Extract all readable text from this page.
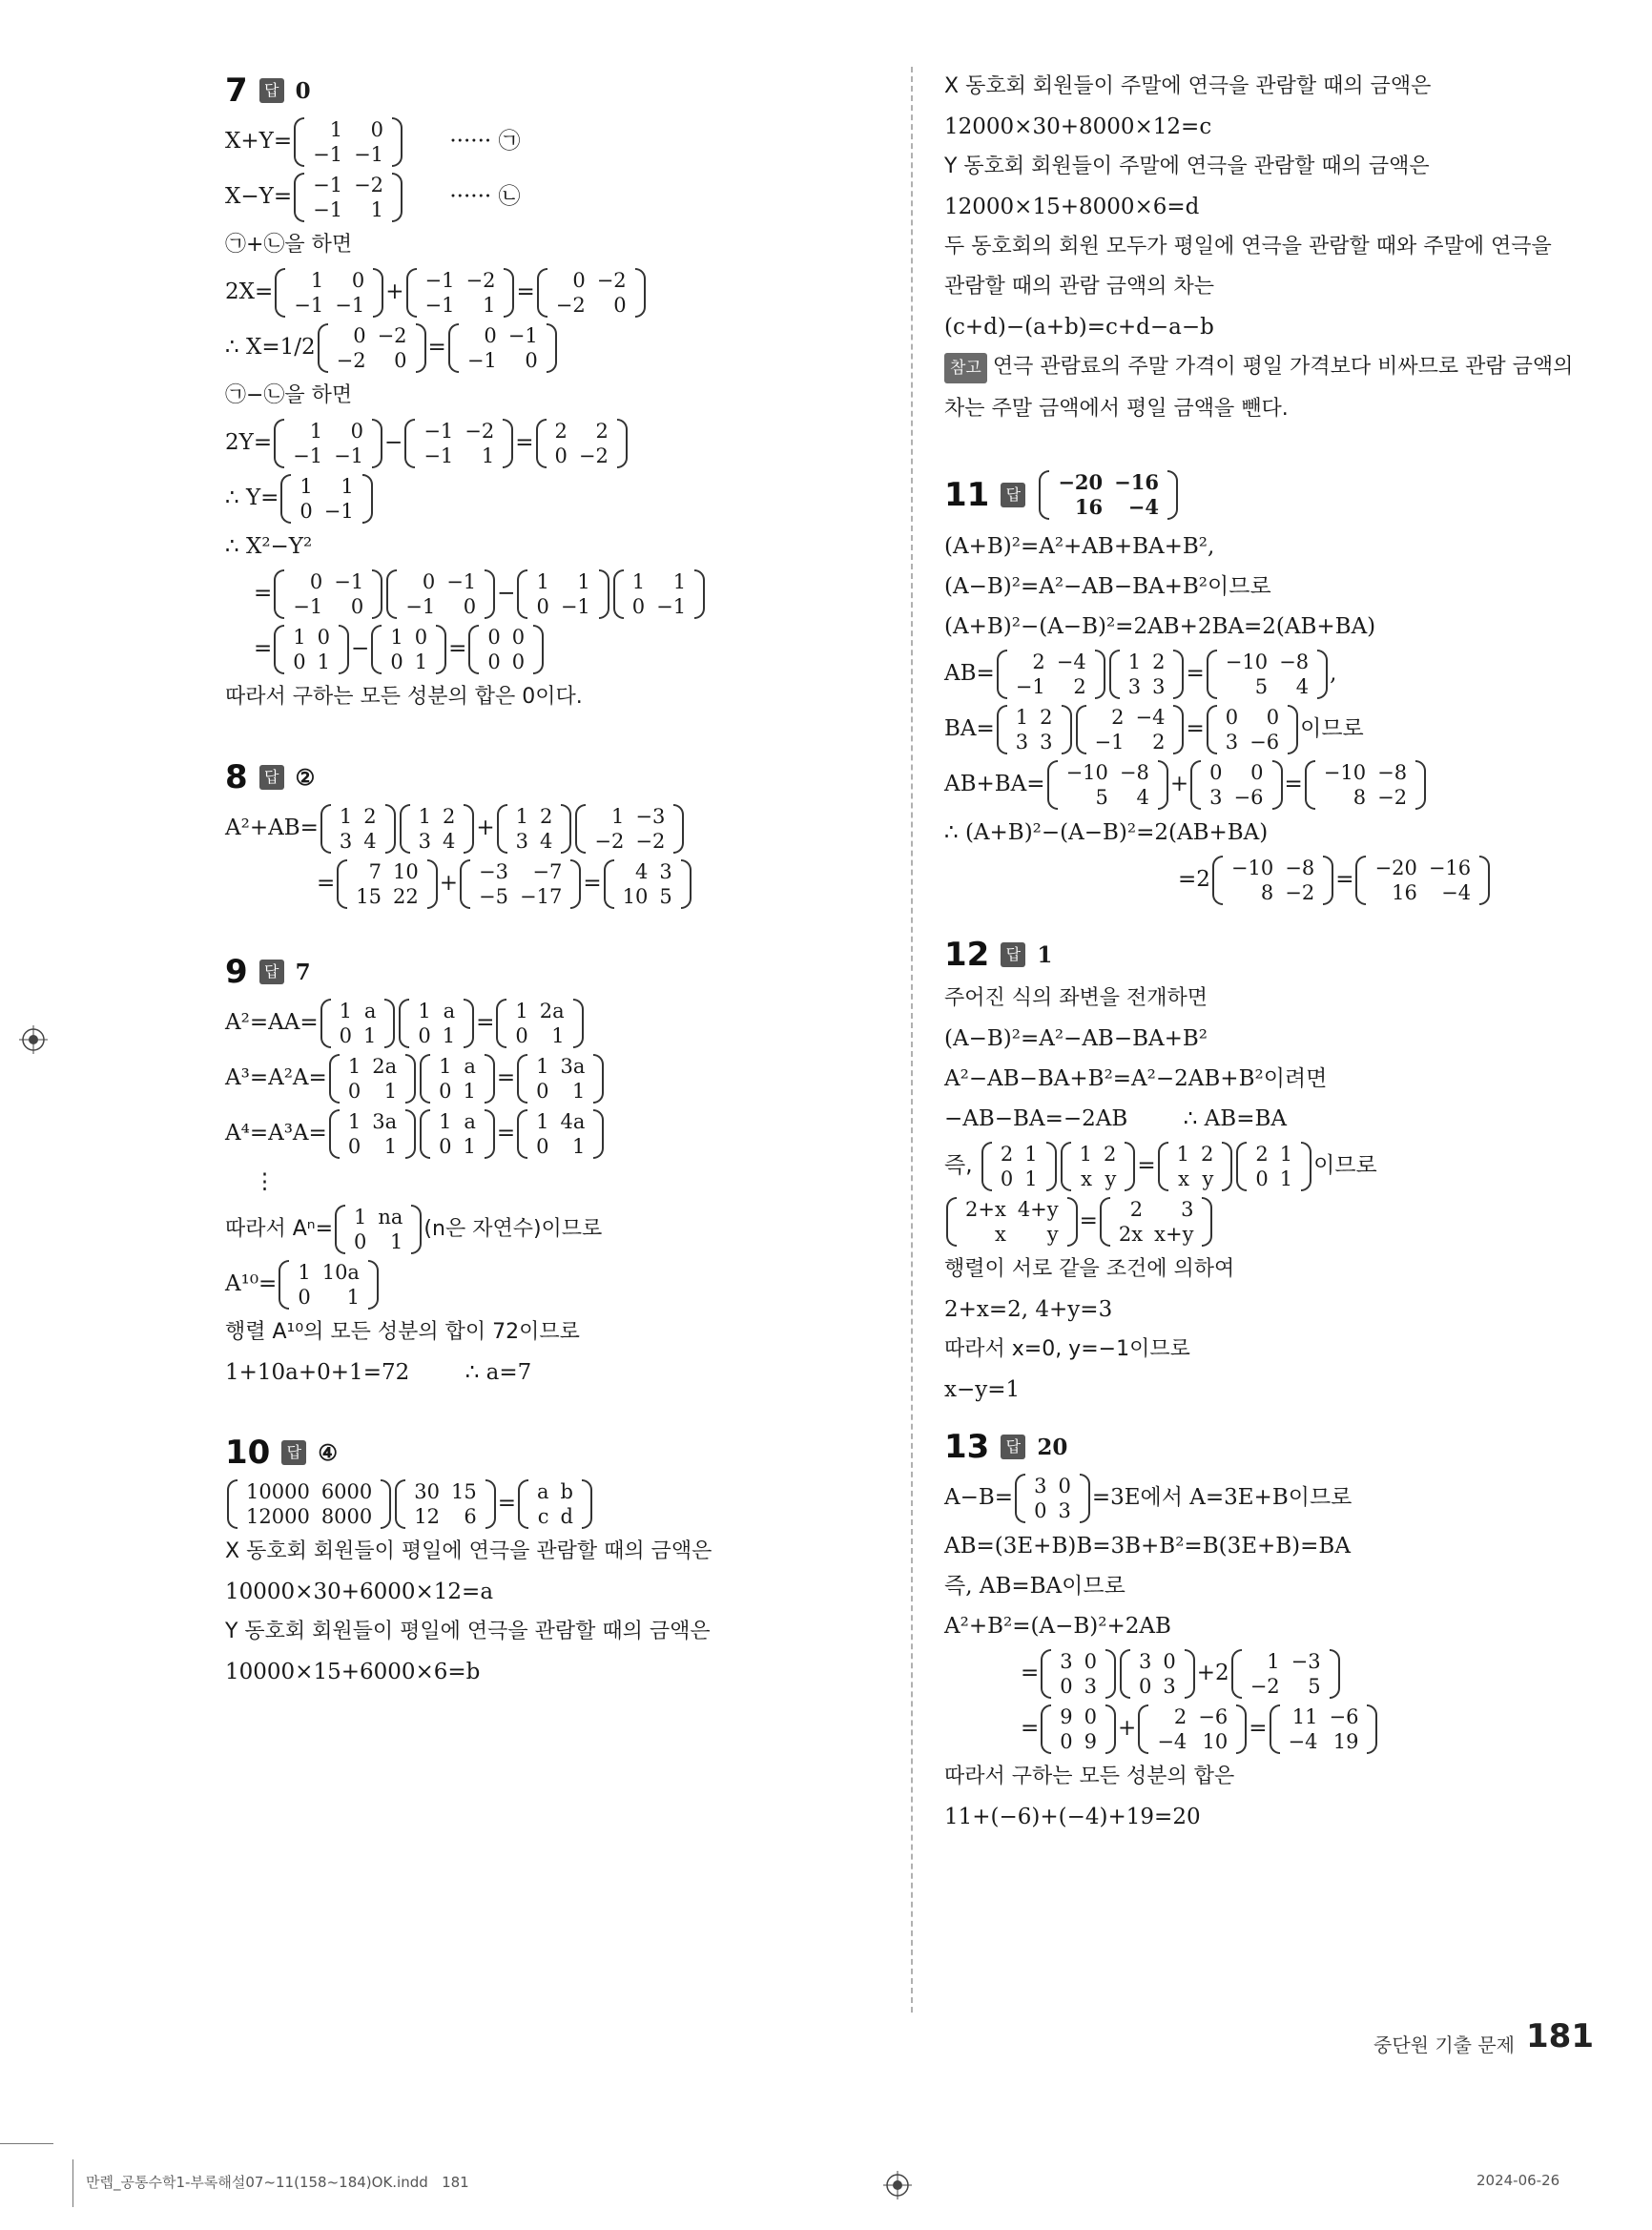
7	답 0
X+Y= 1	0
−1	−1
······ ㉠
X−Y= −1	−2
−1	1
······ ㉡
㉠+㉡을 하면
2X= 1	0
−1	−1
+ −1	−2
−1	1
= 0	−2
−2	0
∴ X=1/2 0	−2
−2	0
= 0	−1
−1	0
㉠−㉡을 하면
2Y= 1	0
−1	−1
− −1	−2
−1	1
= 2	2
0	−2
∴ Y= 1	1
0	−1
∴ X²−Y²
= 0	−1
−1	0
0	−1
−1	0
− 1	1
0	−1
1	1
0	−1
= 1	0
0	1
− 1	0
0	1
= 0	0
0	0
따라서 구하는 모든 성분의 합은 0이다.
8	답 ②
A²+AB= 1	2
3	4
1	2
3	4
+ 1	2
3	4
1	−3
−2	−2
= 7	10
15	22
+ −3	−7
−5	−17
= 4	3
10	5
9	답 7
A²=AA= 1	a
0	1
1	a
0	1
= 1	2a
0	1
A³=A²A= 1	2a
0	1
1	a
0	1
= 1	3a
0	1
A⁴=A³A= 1	3a
0	1
1	a
0	1
= 1	4a
0	1
⋮
따라서 Aⁿ= 1	na
0	1
(n은 자연수)이므로
A¹⁰= 1	10a
0	1
행렬 A¹⁰의 모든 성분의 합이 72이므로
1+10a+0+1=72        ∴ a=7
10	답 ④
10000	6000
12000	8000
30	15
12	6
= a	b
c	d
X 동호회 회원들이 평일에 연극을 관람할 때의 금액은
10000×30+6000×12=a
Y 동호회 회원들이 평일에 연극을 관람할 때의 금액은
10000×15+6000×6=b
X 동호회 회원들이 주말에 연극을 관람할 때의 금액은
12000×30+8000×12=c
Y 동호회 회원들이 주말에 연극을 관람할 때의 금액은
12000×15+8000×6=d
두 동호회의 회원 모두가 평일에 연극을 관람할 때와 주말에 연극을
관람할 때의 관람 금액의 차는
(c+d)−(a+b)=c+d−a−b
참고 연극 관람료의 주말 가격이 평일 가격보다 비싸므로 관람 금액의
차는 주말 금액에서 평일 금액을 뺀다.
11	답
−20	−16
16	−4
(A+B)²=A²+AB+BA+B²,
(A−B)²=A²−AB−BA+B²이므로
(A+B)²−(A−B)²=2AB+2BA=2(AB+BA)
AB= 2	−4
−1	2
1	2
3	3
= −10	−8
5	4
,
BA= 1	2
3	3
2	−4
−1	2
= 0	0
3	−6
이므로
AB+BA= −10	−8
5	4
+ 0	0
3	−6
= −10	−8
8	−2
∴ (A+B)²−(A−B)²=2(AB+BA)
=2 −10	−8
8	−2
= −20	−16
16	−4
12	답 1
주어진 식의 좌변을 전개하면
(A−B)²=A²−AB−BA+B²
A²−AB−BA+B²=A²−2AB+B²이려면
−AB−BA=−2AB        ∴ AB=BA
즉, 2	1
0	1
1	2
x	y
= 1	2
x	y
2	1
0	1
이므로
2+x	4+y
x	y
= 2	3
2x	x+y
행렬이 서로 같을 조건에 의하여
2+x=2, 4+y=3
따라서 x=0, y=−1이므로
x−y=1
13	답 20
A−B= 3	0
0	3
=3E에서 A=3E+B이므로
AB=(3E+B)B=3B+B²=B(3E+B)=BA
즉, AB=BA이므로
A²+B²=(A−B)²+2AB
= 3	0
0	3
3	0
0	3
+2 1	−3
−2	5
= 9	0
0	9
+ 2	−6
−4	10
= 11	−6
−4	19
따라서 구하는 모든 성분의 합은
11+(−6)+(−4)+19=20
중단원 기출 문제 181
만렙_공통수학1-부록해설07~11(158~184)OK.indd   181	2024-06-26
